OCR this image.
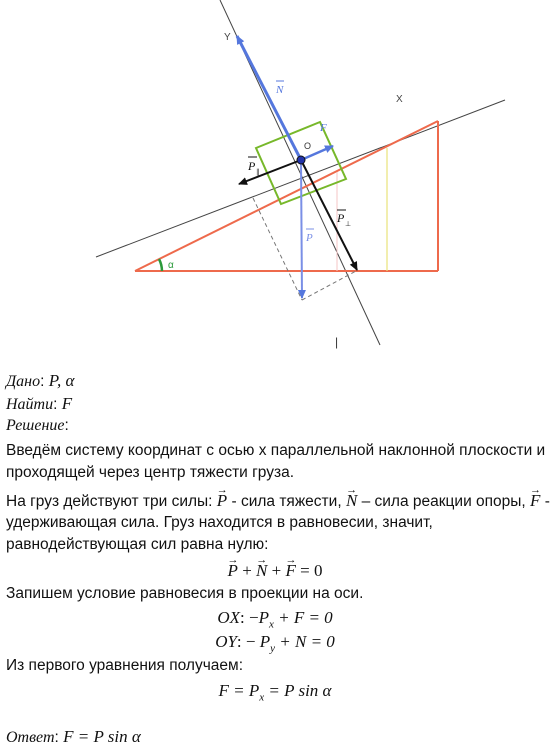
Y
X
O
N
F
P ∥
P ⊥
P
α
|
Дано: P, α
Найти: F
Решение:
Введём систему координат с осью x параллельной наклонной плоскости и
проходящей через центр тяжести груза.
На груз действуют три силы: → P - сила тяжести, → N – сила реакции опоры, → F -
удерживающая сила. Груз находится в равновесии, значит,
равнодействующая сил равна нулю:
→ P + → N + → F = 0
Запишем условие равновесия в проекции на оси.
OX: $-P_x + F = 0$
OY: − $P_y + N = 0$
Из первого уравнения получаем:
$F = P_x = P$ sin α
Ответ: F = P sin α
